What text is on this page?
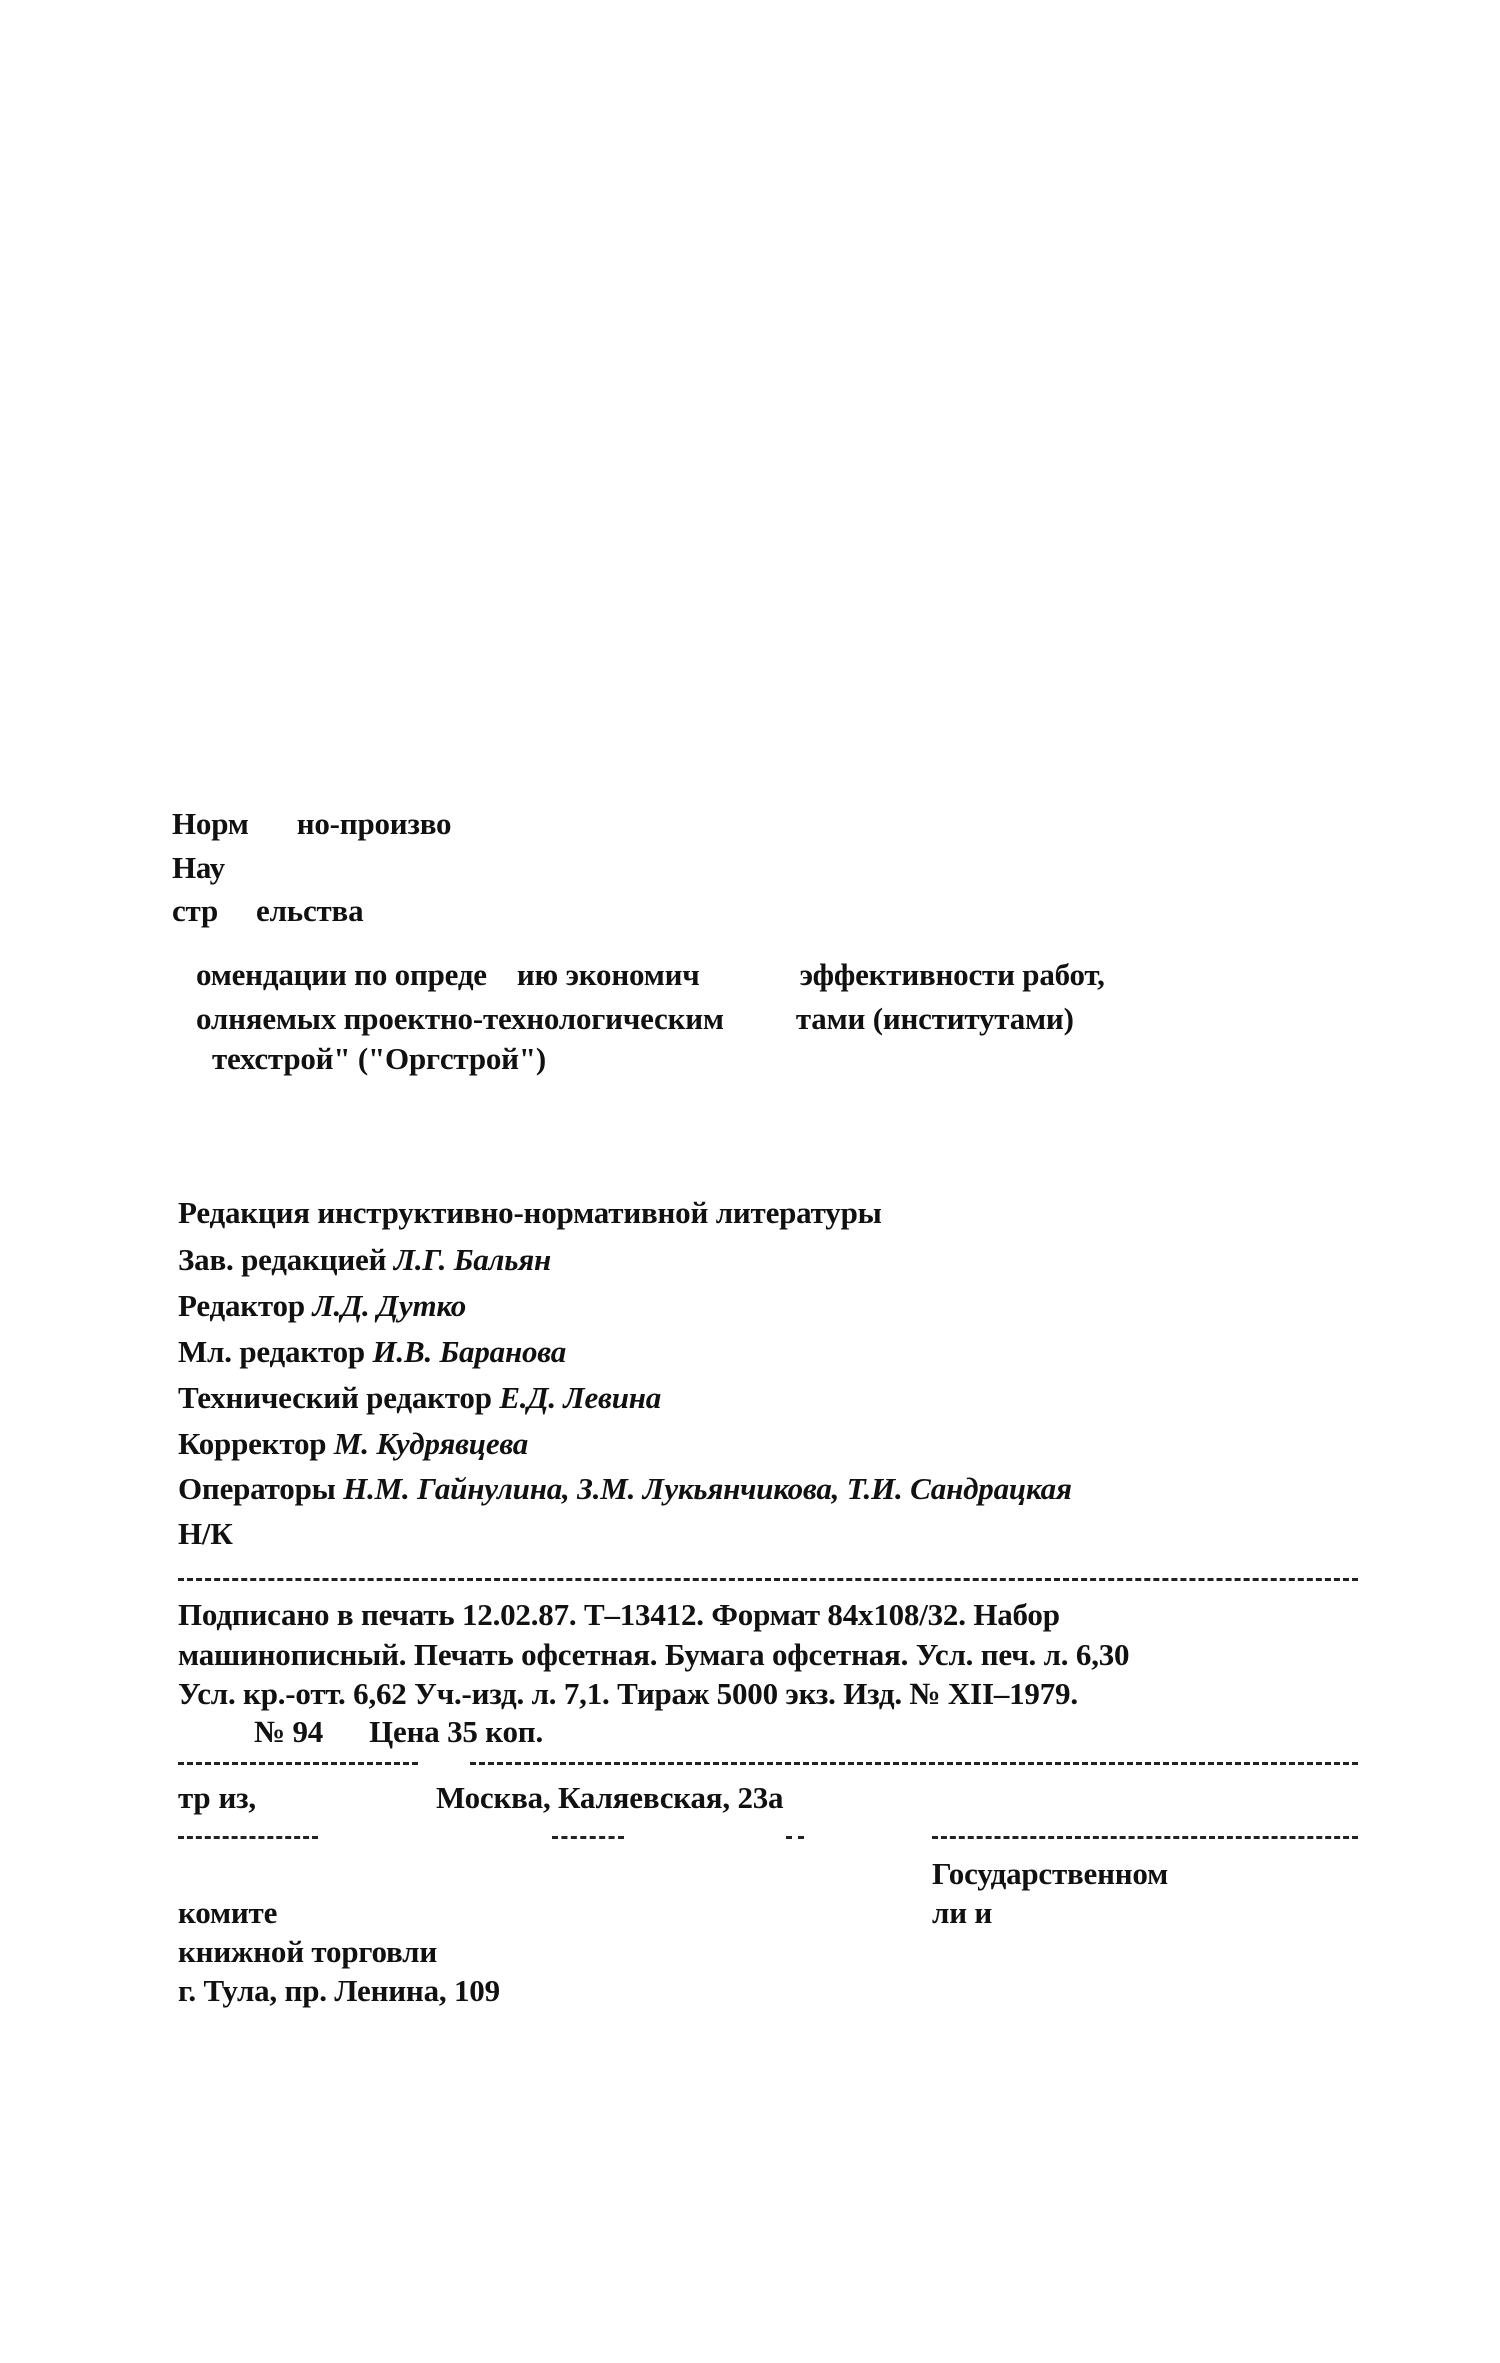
Норм но-произво
Нау
стр ельства
омендации по опреде ию экономич	эффективности работ,
олняемых проектно-технологическим тами (институтами)
техстрой" ("Оргстрой")
Редакция инструктивно-нормативной литературы
Зав. редакцией Л.Г. Бальян
Редактор Л.Д. Дутко
Мл. редактор И.В. Баранова
Технический редактор Е.Д. Левина
Корректор М. Кудрявцева
Операторы Н.М. Гайнулина, З.М. Лукьянчикова, Т.И. Сандрацкая
Н/К
Подписано в печать 12.02.87. Т–13412. Формат 84х108/32. Набор
машинописный. Печать офсетная. Бумага офсетная. Усл. печ. л. 6,30
Усл. кр.-отт. 6,62 Уч.-изд. л. 7,1. Тираж 5000 экз. Изд. № XII–1979.
№ 94 Цена 35 коп.
тр из,	Москва, Каляевская, 23а
Государственном
комите	ли и
книжной торговли
г. Тула, пр. Ленина, 109
